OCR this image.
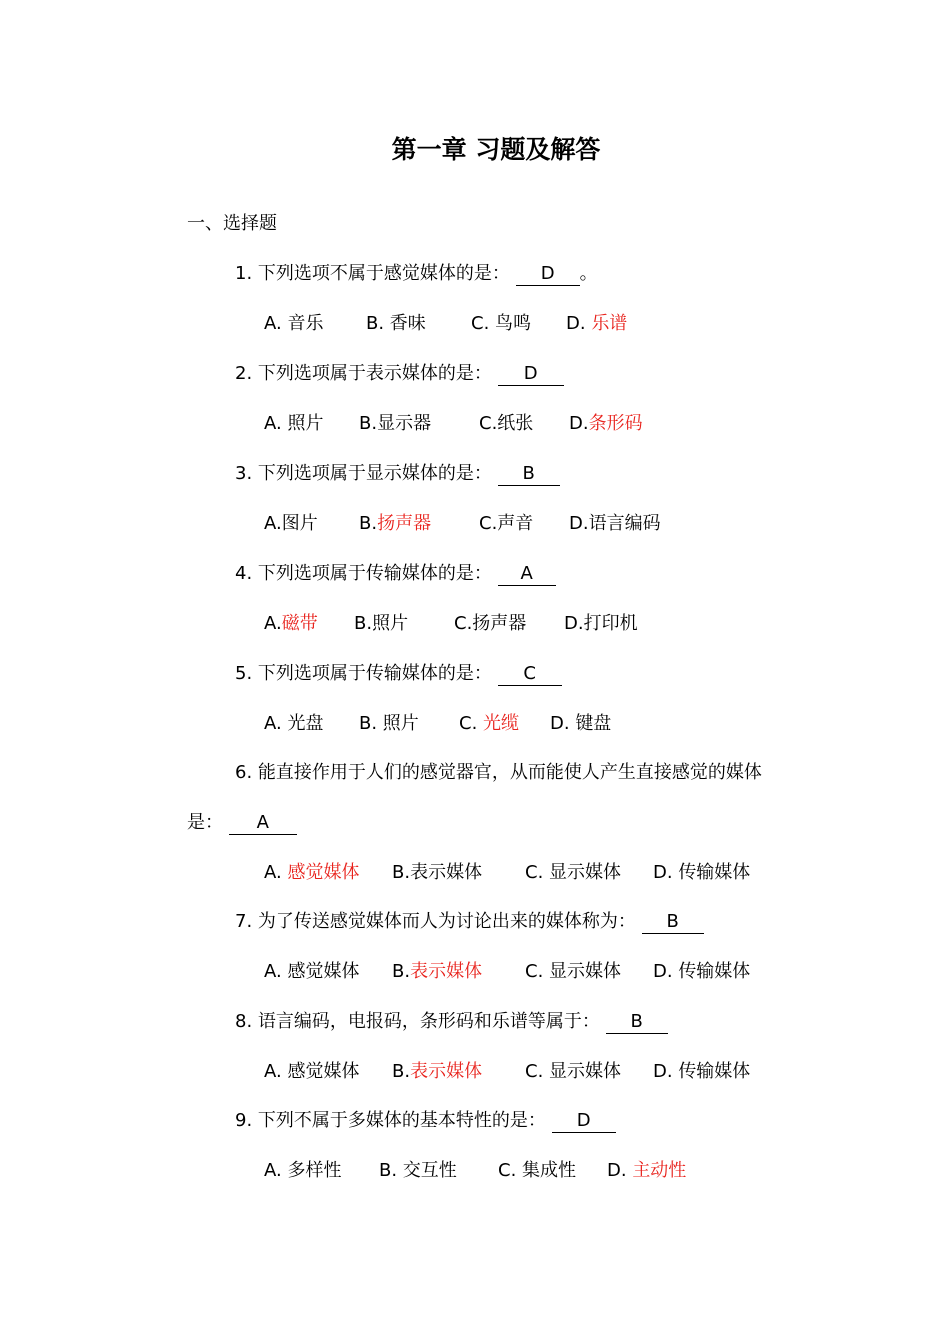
第一章 习题及解答
一、选择题
1. 下列选项不属于感觉媒体的是： D 。
A. 音乐 B. 香味	C. 鸟鸣 D. 乐谱
2. 下列选项属于表示媒体的是： D
A. 照片 B.显示器	C.纸张 D.条形码
3. 下列选项属于显示媒体的是： B
A.图片 B.扬声器	C.声音 D.语言编码
4. 下列选项属于传输媒体的是： A
A.磁带 B.照片	C.扬声器 D.打印机
5. 下列选项属于传输媒体的是： C
A. 光盘 B. 照片 C. 光缆 D. 键盘
是： A
6. 能直接作用于人们的感觉器官，从而能使人产生直接感觉的媒体
A. 感觉媒体 B.表示媒体 C. 显示媒体 D. 传输媒体
7. 为了传送感觉媒体而人为讨论出来的媒体称为： B
A. 感觉媒体 B.表示媒体 C. 显示媒体 D. 传输媒体
8. 语言编码，电报码，条形码和乐谱等属于： B
A. 感觉媒体 B.表示媒体 C. 显示媒体 D. 传输媒体
9. 下列不属于多媒体的基本特性的是： D
A. 多样性 B. 交互性 C. 集成性 D. 主动性
